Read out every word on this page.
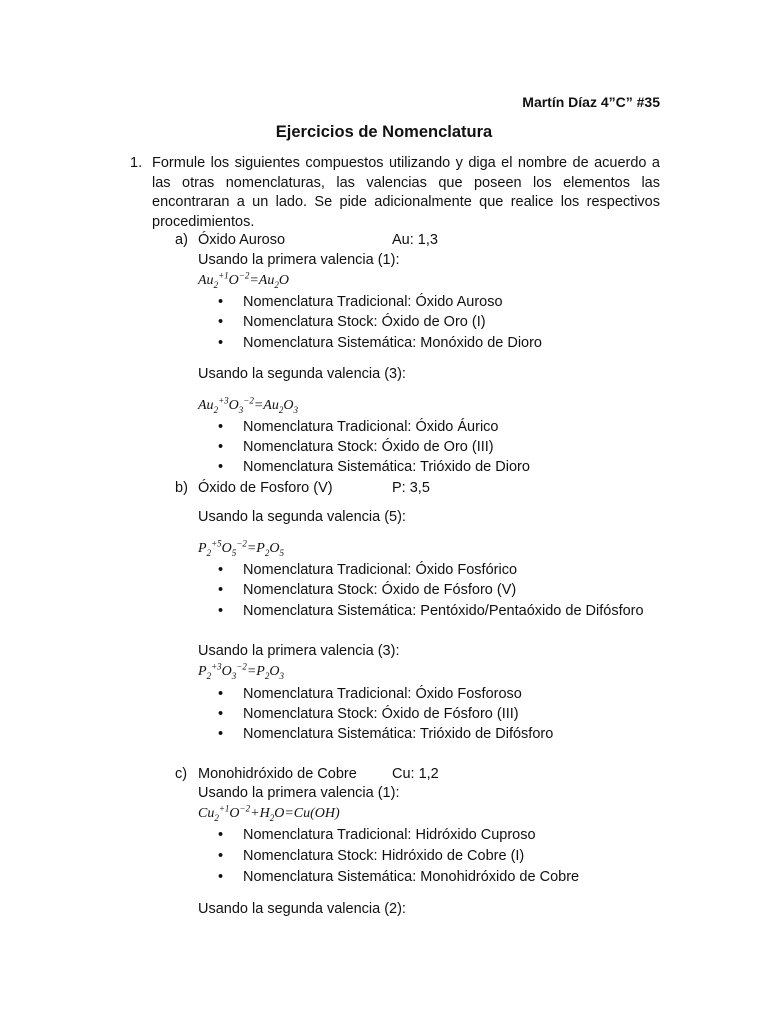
Martín Díaz 4”C” #35
Ejercicios de Nomenclatura
1. Formule los siguientes compuestos utilizando y diga el nombre de acuerdo a las otras nomenclaturas, las valencias que poseen los elementos las encontraran a un lado. Se pide adicionalmente que realice los respectivos procedimientos.
a) Óxido Auroso	Au: 1,3
Usando la primera valencia (1):
$Au_2^{+1}O^{-2}=Au_2O$
• Nomenclatura Tradicional: Óxido Auroso
• Nomenclatura Stock: Óxido de Oro (I)
• Nomenclatura Sistemática: Monóxido de Dioro
Usando la segunda valencia (3):
$Au_2^{+3}O_3^{-2}=Au_2O_3$
• Nomenclatura Tradicional: Óxido Áurico
• Nomenclatura Stock: Óxido de Oro (III)
• Nomenclatura Sistemática: Trióxido de Dioro
b) Óxido de Fosforo (V)	P: 3,5
Usando la segunda valencia (5):
$P_2^{+5}O_5^{-2}=P_2O_5$
• Nomenclatura Tradicional: Óxido Fosfórico
• Nomenclatura Stock: Óxido de Fósforo (V)
• Nomenclatura Sistemática: Pentóxido/Pentaóxido de Difósforo
Usando la primera valencia (3):
$P_2^{+3}O_3^{-2}=P_2O_3$
• Nomenclatura Tradicional: Óxido Fosforoso
• Nomenclatura Stock: Óxido de Fósforo (III)
• Nomenclatura Sistemática: Trióxido de Difósforo
c) Monohidróxido de Cobre Cu: 1,2
Usando la primera valencia (1):
$Cu_2^{+1}O^{-2}+H_2O=Cu(OH)$
• Nomenclatura Tradicional: Hidróxido Cuproso
• Nomenclatura Stock: Hidróxido de Cobre (I)
• Nomenclatura Sistemática: Monohidróxido de Cobre
Usando la segunda valencia (2):
